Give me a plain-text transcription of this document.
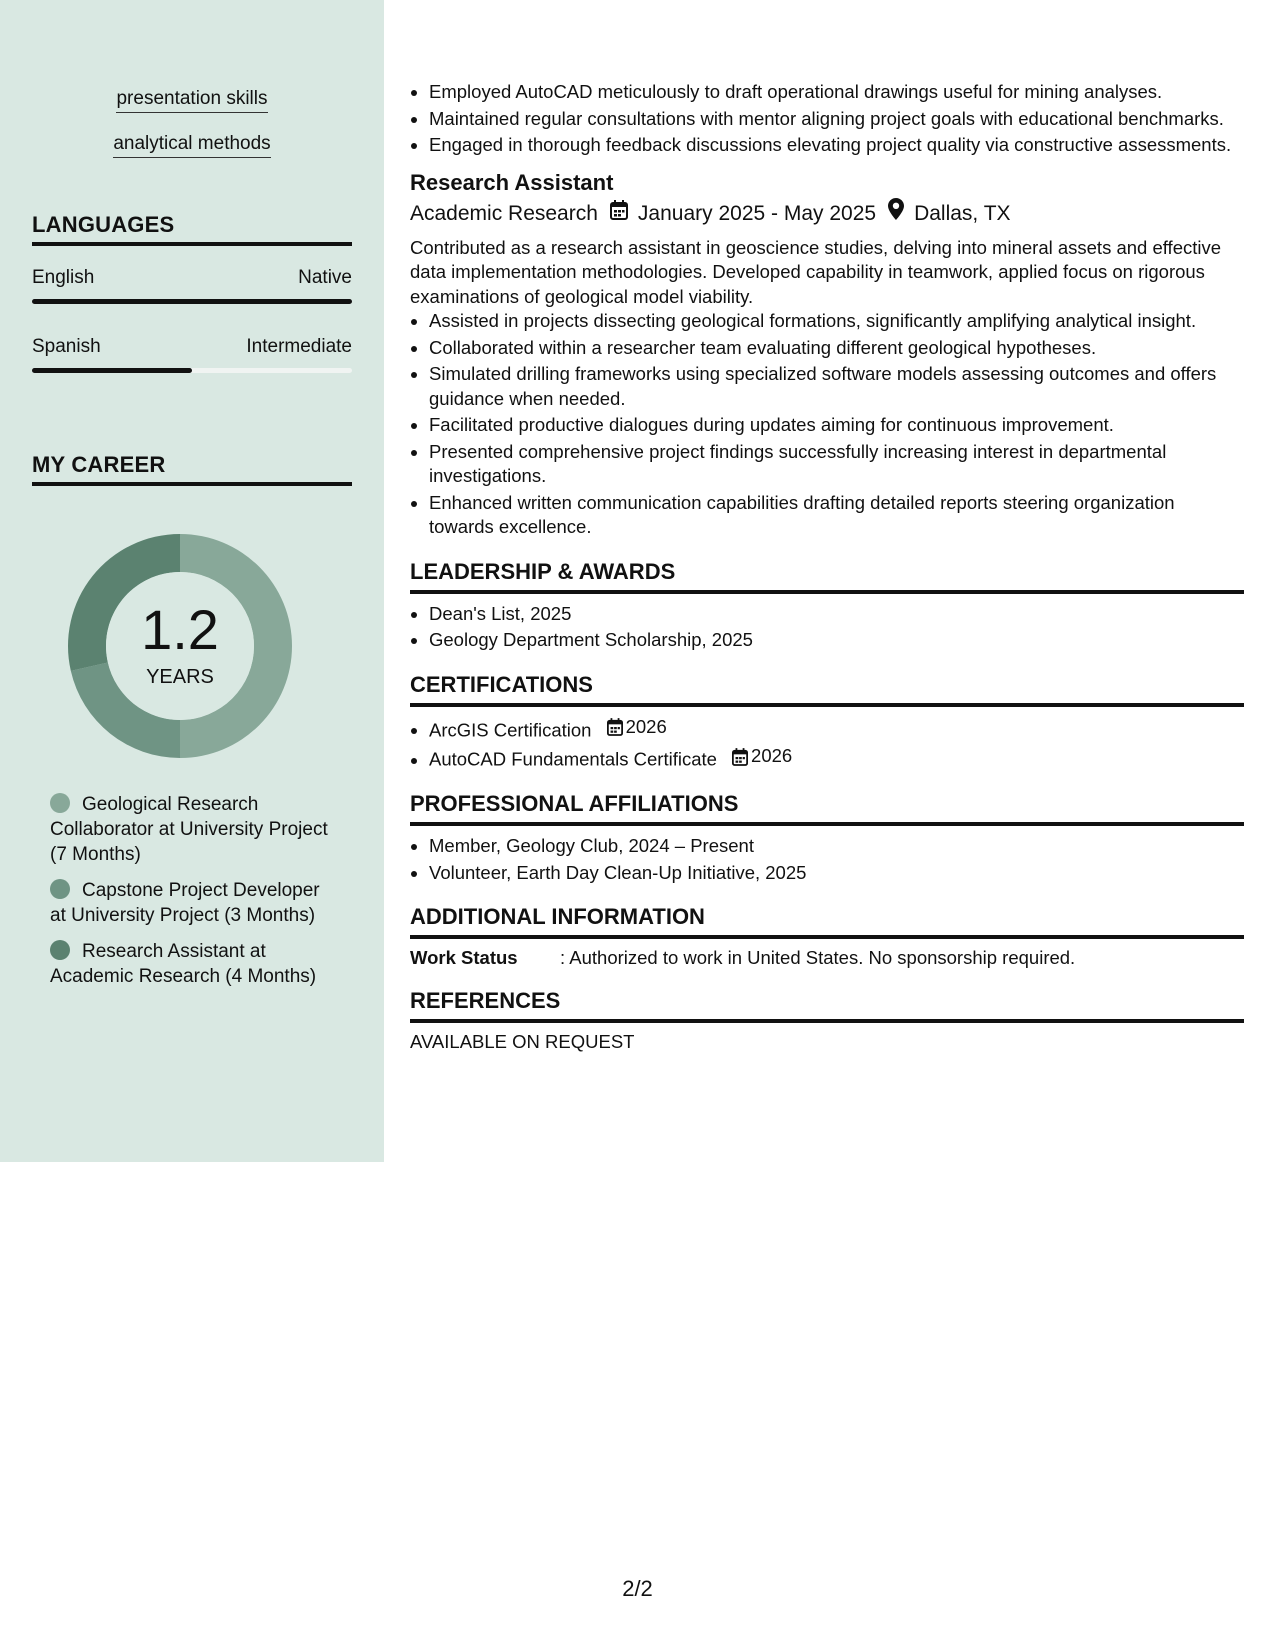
presentation skills
analytical methods
LANGUAGES
English	Native
Spanish	Intermediate
MY CAREER
1.2
YEARS
Geological Research Collaborator at University Project (7 Months)
Capstone Project Developer at University Project (3 Months)
Research Assistant at Academic Research (4 Months)
• Employed AutoCAD meticulously to draft operational drawings useful for mining analyses.
• Maintained regular consultations with mentor aligning project goals with educational benchmarks.
• Engaged in thorough feedback discussions elevating project quality via constructive assessments.
Research Assistant
Academic Research January 2025 - May 2025 Dallas, TX
Contributed as a research assistant in geoscience studies, delving into mineral assets and effective data implementation methodologies. Developed capability in teamwork, applied focus on rigorous examinations of geological model viability.
• Assisted in projects dissecting geological formations, significantly amplifying analytical insight.
• Collaborated within a researcher team evaluating different geological hypotheses.
• Simulated drilling frameworks using specialized software models assessing outcomes and offers guidance when needed.
• Facilitated productive dialogues during updates aiming for continuous improvement.
• Presented comprehensive project findings successfully increasing interest in departmental investigations.
• Enhanced written communication capabilities drafting detailed reports steering organization towards excellence.
LEADERSHIP & AWARDS
• Dean's List, 2025
• Geology Department Scholarship, 2025
CERTIFICATIONS
• ArcGIS Certification 2026
• AutoCAD Fundamentals Certificate 2026
PROFESSIONAL AFFILIATIONS
• Member, Geology Club, 2024 – Present
• Volunteer, Earth Day Clean-Up Initiative, 2025
ADDITIONAL INFORMATION
Work Status	: Authorized to work in United States. No sponsorship required.
REFERENCES
AVAILABLE ON REQUEST
2/2
